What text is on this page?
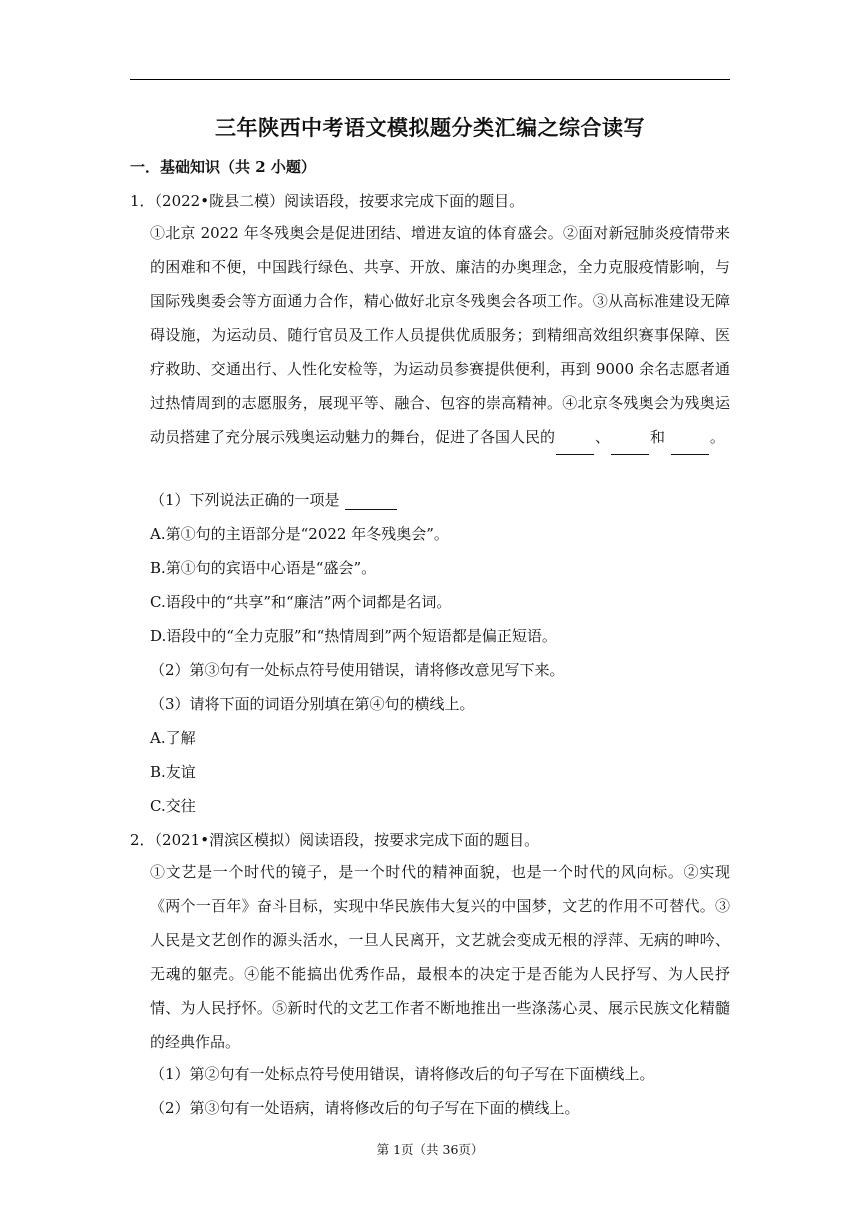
三年陕西中考语文模拟题分类汇编之综合读写
一．基础知识（共 2 小题）
1．（2022•陇县二模）阅读语段，按要求完成下面的题目。
①北京 2022 年冬残奥会是促进团结、增进友谊的体育盛会。②面对新冠肺炎疫情带来的困难和不便，中国践行绿色、共享、开放、廉洁的办奥理念，全力克服疫情影响，与国际残奥委会等方面通力合作，精心做好北京冬残奥会各项工作。③从高标准建设无障碍设施，为运动员、随行官员及工作人员提供优质服务；到精细高效组织赛事保障、医疗救助、交通出行、人性化安检等，为运动员参赛提供便利，再到 9000 余名志愿者通过热情周到的志愿服务，展现平等、融合、包容的崇高精神。④北京冬残奥会为残奥运动员搭建了充分展示残奥运动魅力的舞台，促进了各国人民的	、	和	。
（1）下列说法正确的一项是
A.第①句的主语部分是“2022 年冬残奥会”。
B.第①句的宾语中心语是“盛会”。
C.语段中的“共享”和“廉洁”两个词都是名词。
D.语段中的“全力克服”和“热情周到”两个短语都是偏正短语。
（2）第③句有一处标点符号使用错误，请将修改意见写下来。
（3）请将下面的词语分别填在第④句的横线上。
A.了解
B.友谊
C.交往
2．（2021•渭滨区模拟）阅读语段，按要求完成下面的题目。
①文艺是一个时代的镜子，是一个时代的精神面貌，也是一个时代的风向标。②实现《两个一百年》奋斗目标，实现中华民族伟大复兴的中国梦，文艺的作用不可替代。③人民是文艺创作的源头活水，一旦人民离开，文艺就会变成无根的浮萍、无病的呻吟、无魂的躯壳。④能不能搞出优秀作品，最根本的决定于是否能为人民抒写、为人民抒情、为人民抒怀。⑤新时代的文艺工作者不断地推出一些涤荡心灵、展示民族文化精髓的经典作品。
（1）第②句有一处标点符号使用错误，请将修改后的句子写在下面横线上。
（2）第③句有一处语病，请将修改后的句子写在下面的横线上。
第 1页（共 36页）
